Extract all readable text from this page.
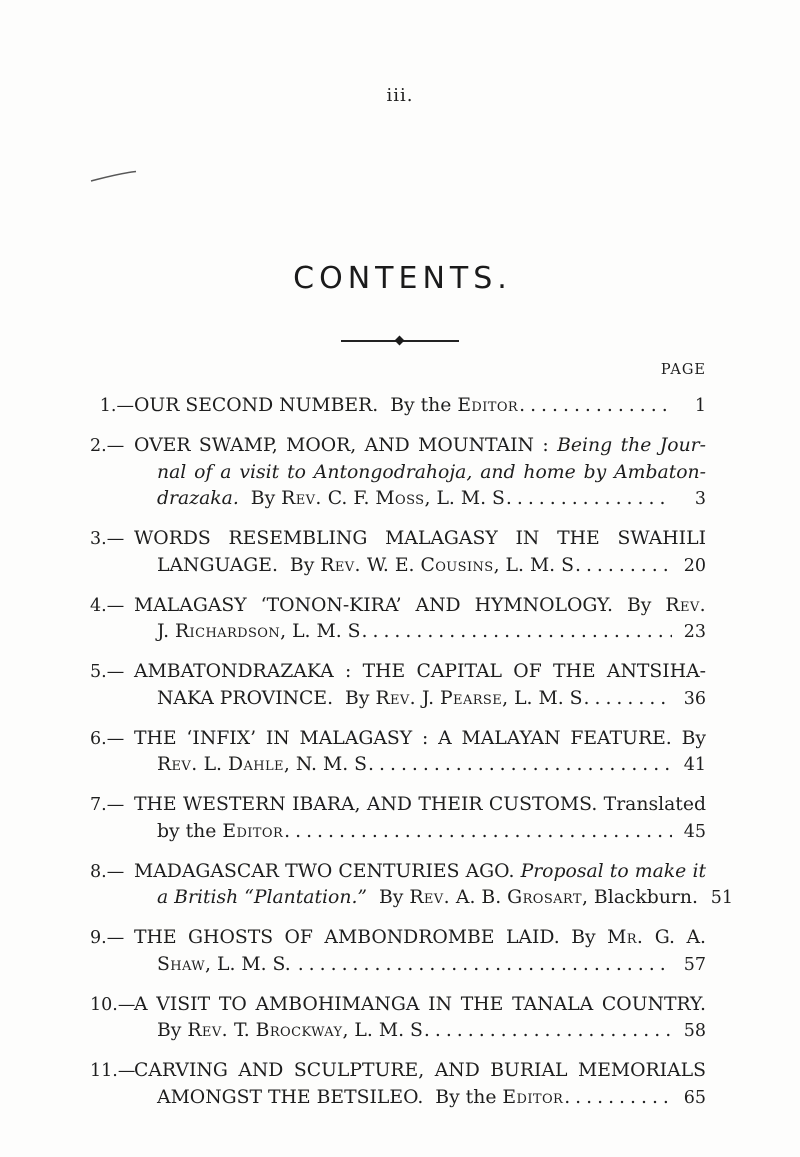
iii.
CONTENTS.
PAGE
1.— OUR SECOND NUMBER.  By the Editor .....	1
2.— OVER SWAMP, MOOR, AND MOUNTAIN : Being the Jour-
nal of a visit to Antongodrahoja, and home by Ambaton-
drazaka. By Rev. C. F. Moss , L. M. S .....	3
3.— WORDS RESEMBLING MALAGASY IN THE SWAHILI
LANGUAGE.  By Rev. W. E. Cousins , L. M. S .....	20
4.— MALAGASY ‘TONON-KIRA’ AND HYMNOLOGY. By Rev.
J. Richardson , L. M. S .....	23
5.— AMBATONDRAZAKA : THE CAPITAL OF THE ANTSIHA-
NAKA PROVINCE.  By Rev. J. Pearse , L. M. S .....	36
6.— THE ‘INFIX’ IN MALAGASY : A MALAYAN FEATURE. By
Rev. L. Dahle , N. M. S .....	41
7.— THE WESTERN IBARA, AND THEIR CUSTOMS. Translated
by the Editor .....	45
8.— MADAGASCAR TWO CENTURIES AGO. Proposal to make it
a British “Plantation.” By Rev. A. B. Grosart , Blackburn. 51
9.— THE GHOSTS OF AMBONDROMBE LAID. By Mr. G. A.
Shaw , L. M. S. .....	57
10.—A VISIT TO AMBOHIMANGA IN THE TANALA COUNTRY.
By Rev. T. Brockway , L. M. S .....	58
11.—CARVING AND SCULPTURE, AND BURIAL MEMORIALS
AMONGST THE BETSILEO.  By the Editor .....	65
